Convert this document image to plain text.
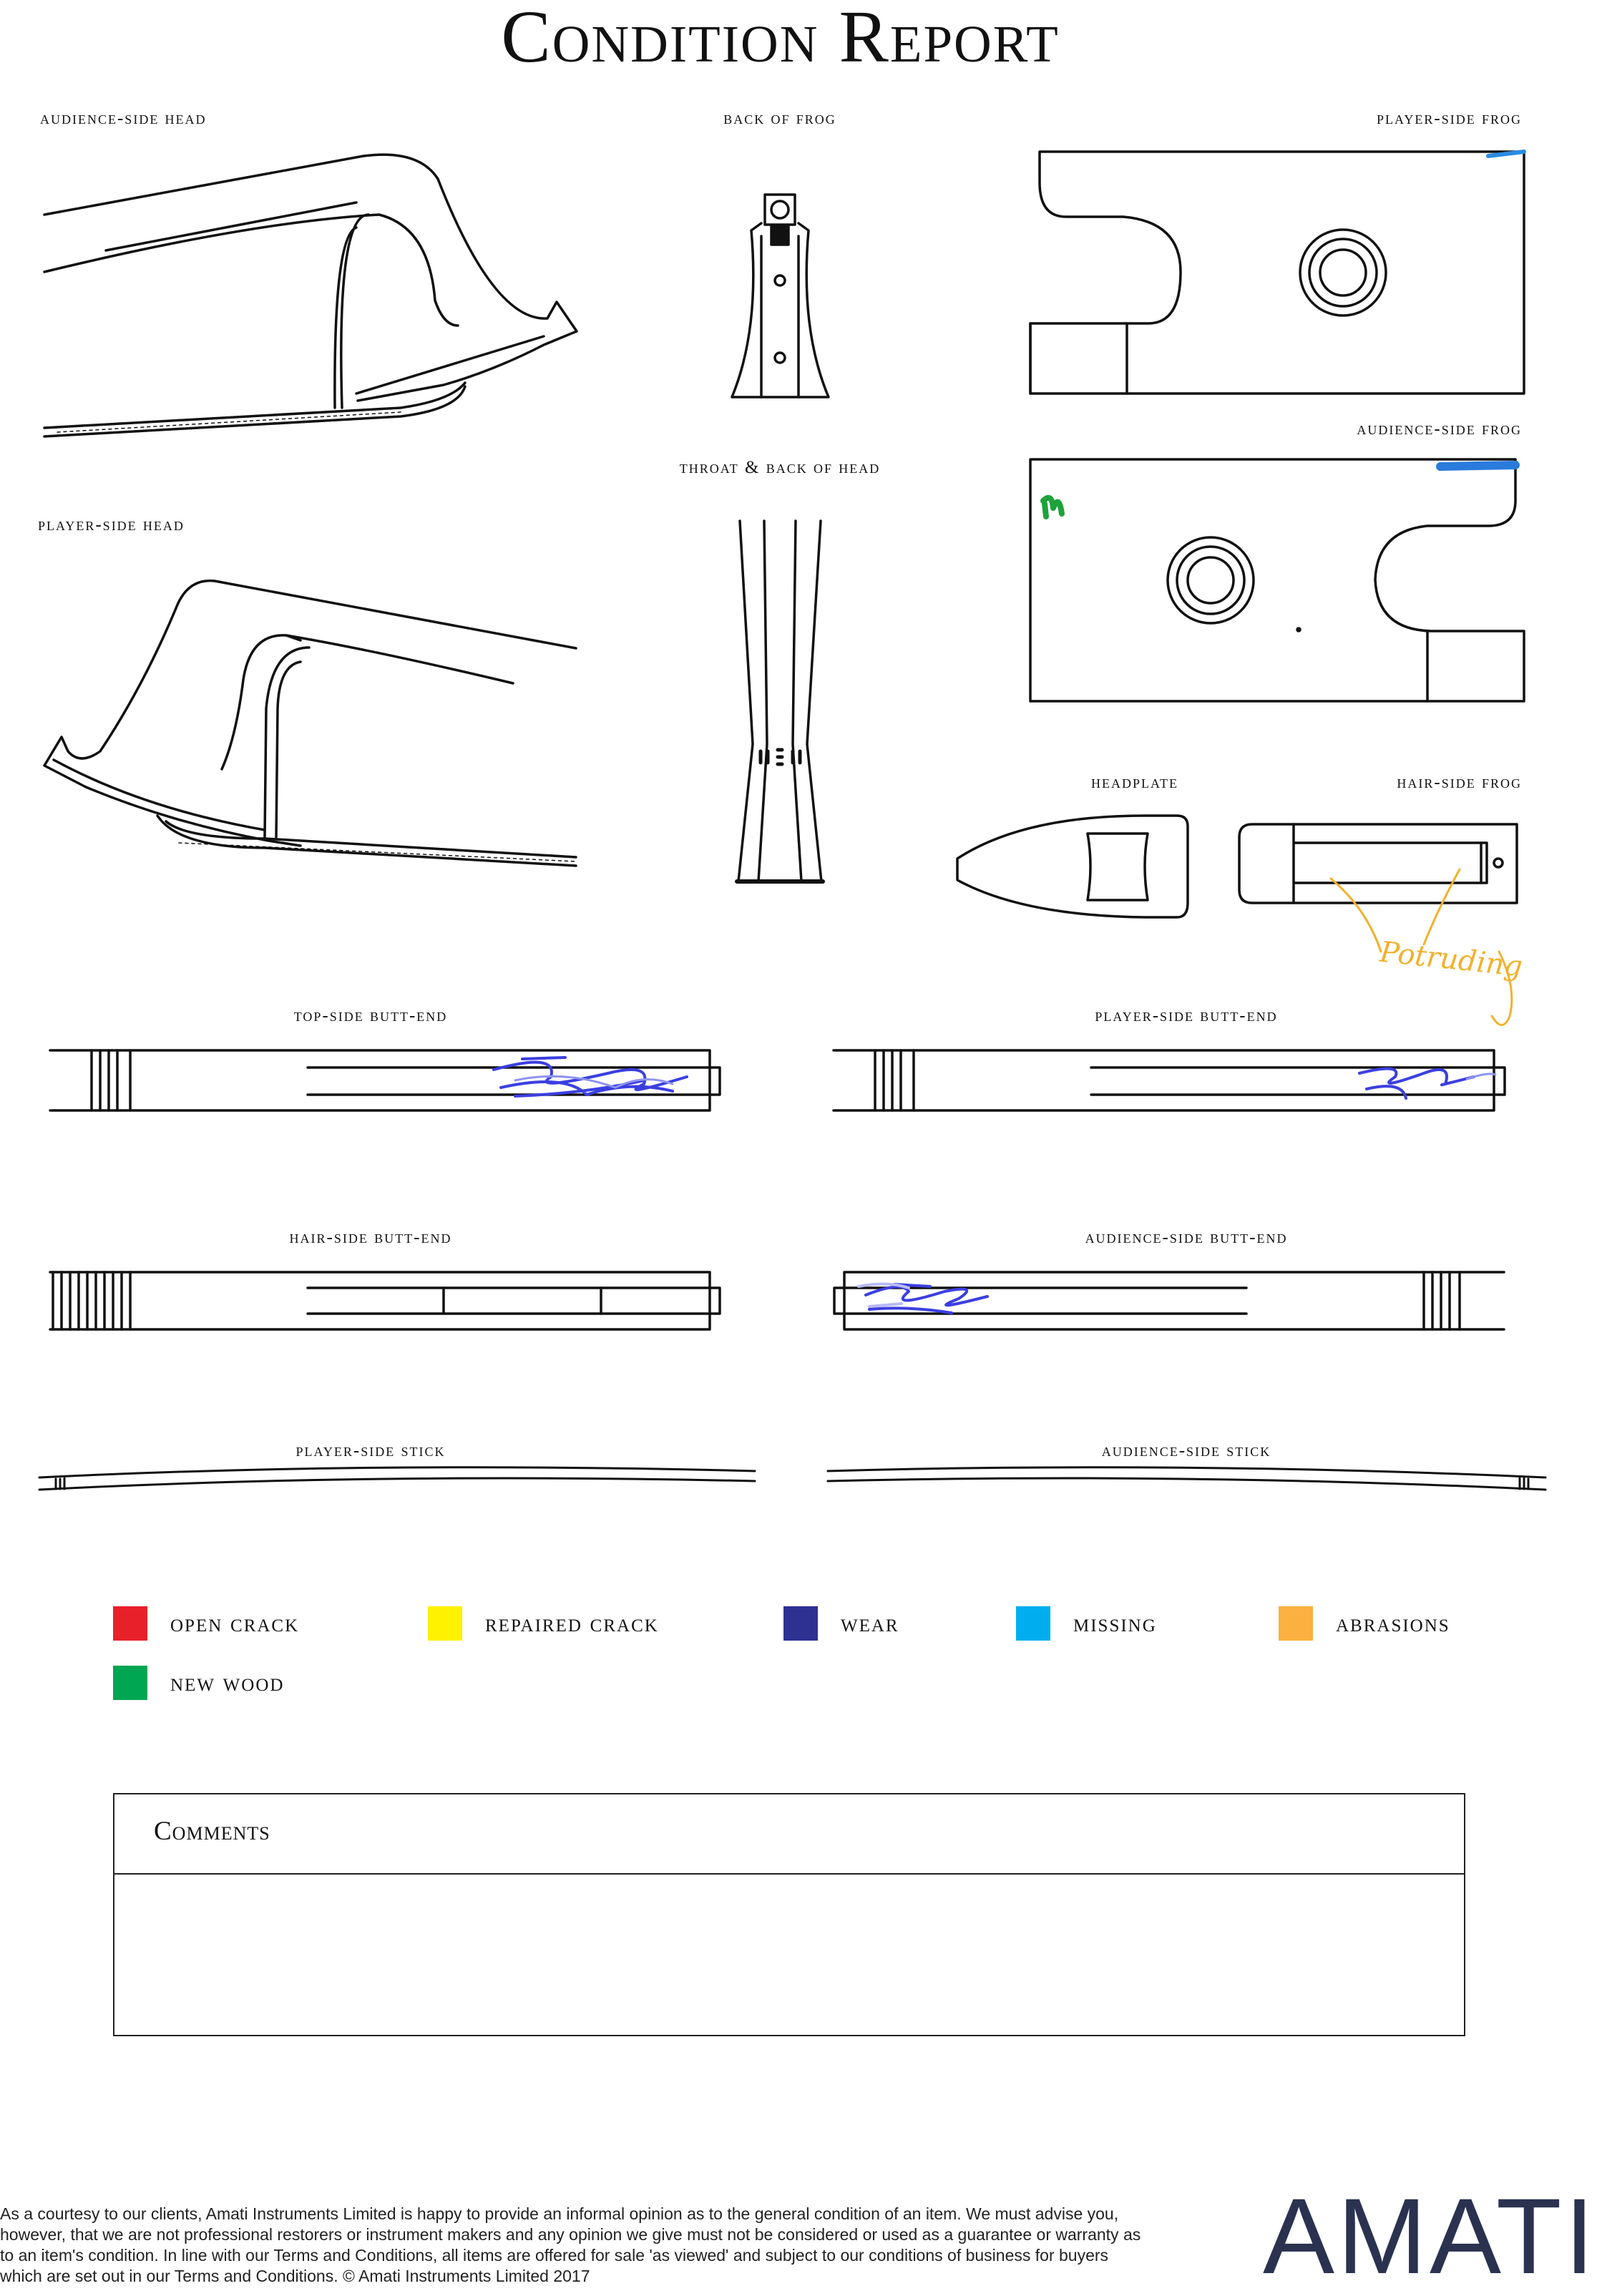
Condition Report
audience-side head	back of frog	player-side frog
audience-side frog
throat & back of head
player-side head
headplate	hair-side frog
top-side butt-end	player-side butt-end
hair-side butt-end	audience-side butt-end
player-side stick	audience-side stick
Potruding
open crack	repaired crack	wear	missing	abrasions
new wood
Comments
As a courtesy to our clients, Amati Instruments Limited is happy to provide an informal opinion as to the general condition of an item. We must advise you, however, that we are not professional restorers or instrument makers and any opinion we give must not be considered or used as a guarantee or warranty as to an item's condition. In line with our Terms and Conditions, all items are offered for sale 'as viewed' and subject to our conditions of business for buyers which are set out in our Terms and Conditions. © Amati Instruments Limited 2017	AMATI
